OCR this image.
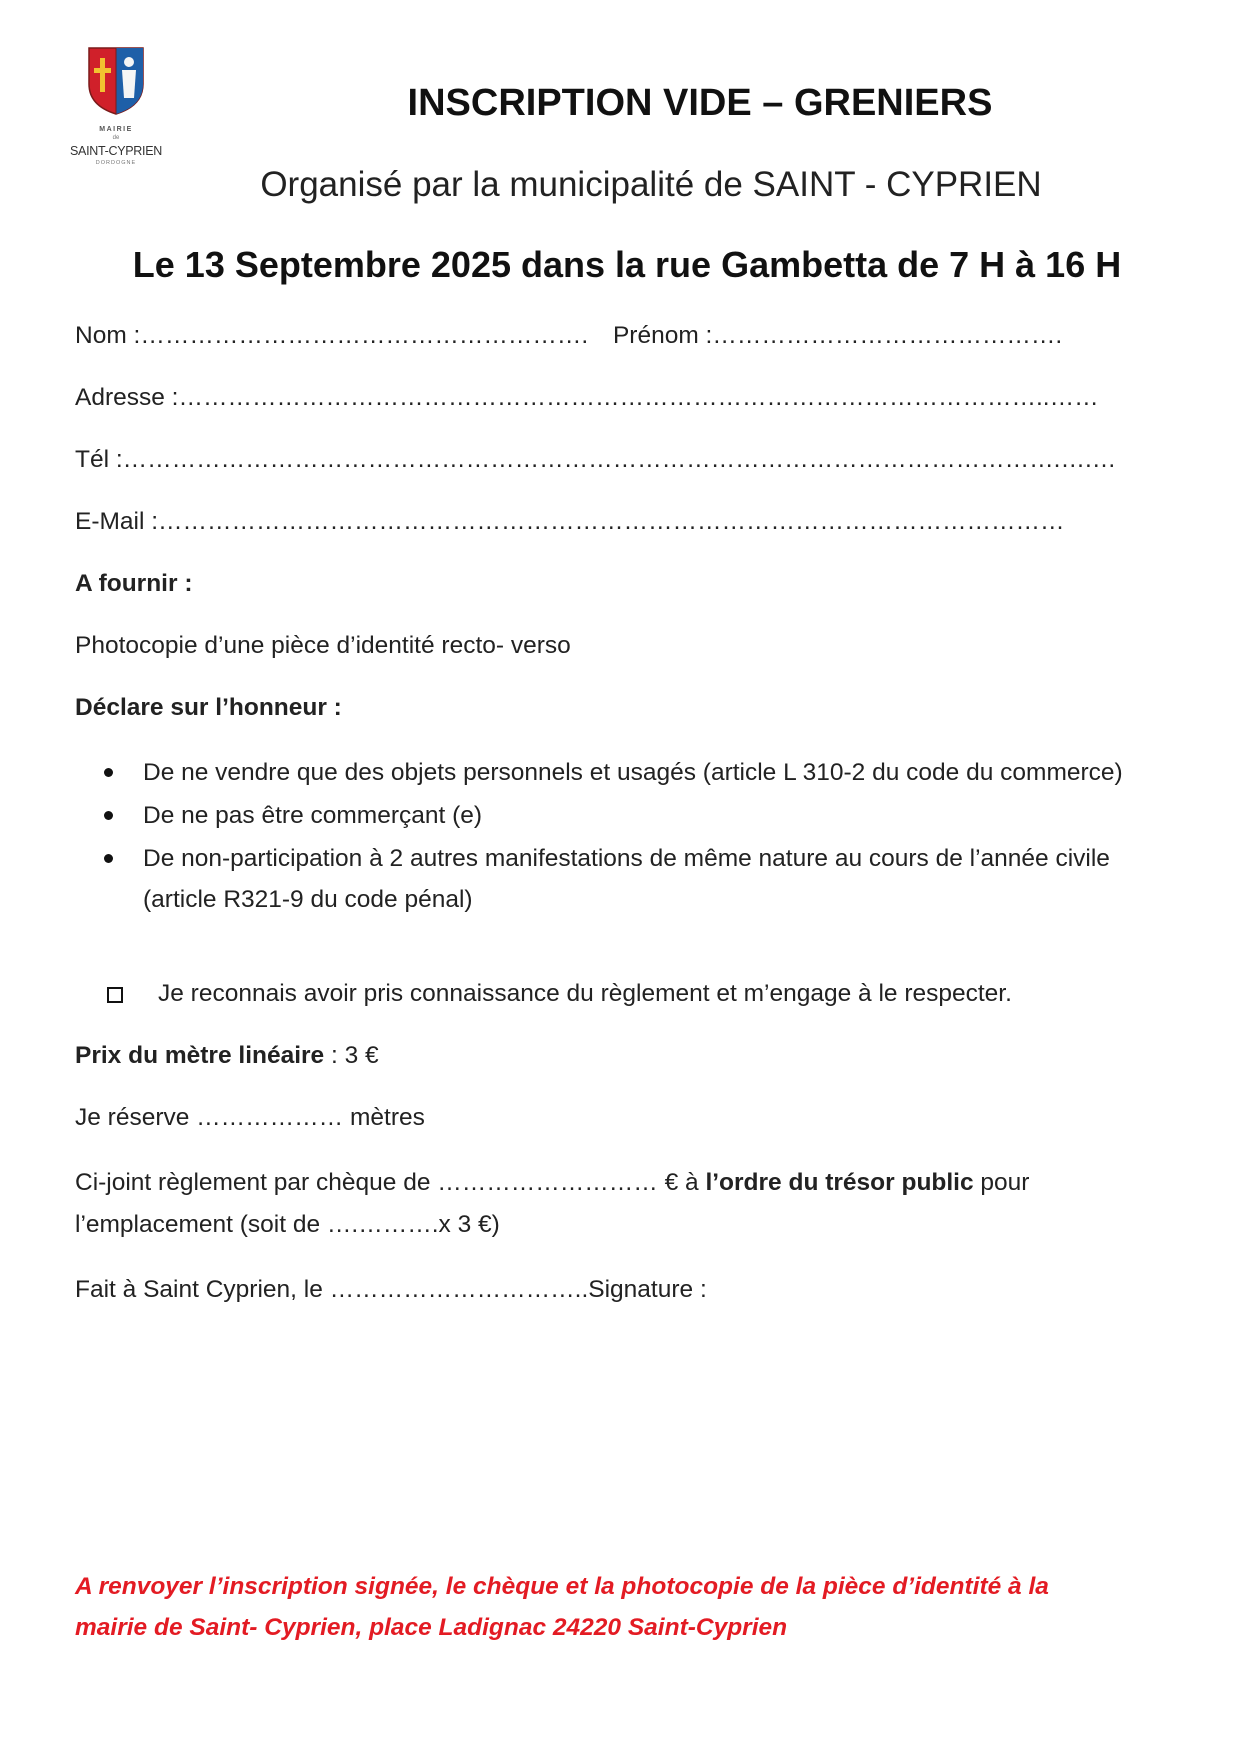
MAIRIE
de
SAINT-CYPRIEN
DORDOGNE
INSCRIPTION VIDE – GRENIERS
Organisé par la municipalité de SAINT - CYPRIEN
Le 13 Septembre 2025 dans la rue Gambetta de 7 H à 16 H
Nom :………………………………………………. Prénom :…………………………………….
Adresse :……………………………………………………………………………………………..……
Tél :…………………………………………………………………………………………………….….…
E-Mail :…………………………………………………………………………………………………
A fournir :
Photocopie d’une pièce d’identité recto- verso
Déclare sur l’honneur :
De ne vendre que des objets personnels et usagés (article L 310-2 du code du commerce)
De ne pas être commerçant (e)
De non-participation à 2 autres manifestations de même nature au cours de l’année civile (article R321-9 du code pénal)
Je reconnais avoir pris connaissance du règlement et m’engage à le respecter.
Prix du mètre linéaire : 3 €
Je réserve ……………… mètres
Ci-joint règlement par chèque de ……………………… € à l’ordre du trésor public pour l’emplacement (soit de ….……….x 3 €)
Fait à Saint Cyprien, le …………………………..Signature :
A renvoyer l’inscription signée, le chèque et la photocopie de la pièce d’identité à la mairie de Saint- Cyprien, place Ladignac 24220 Saint-Cyprien
